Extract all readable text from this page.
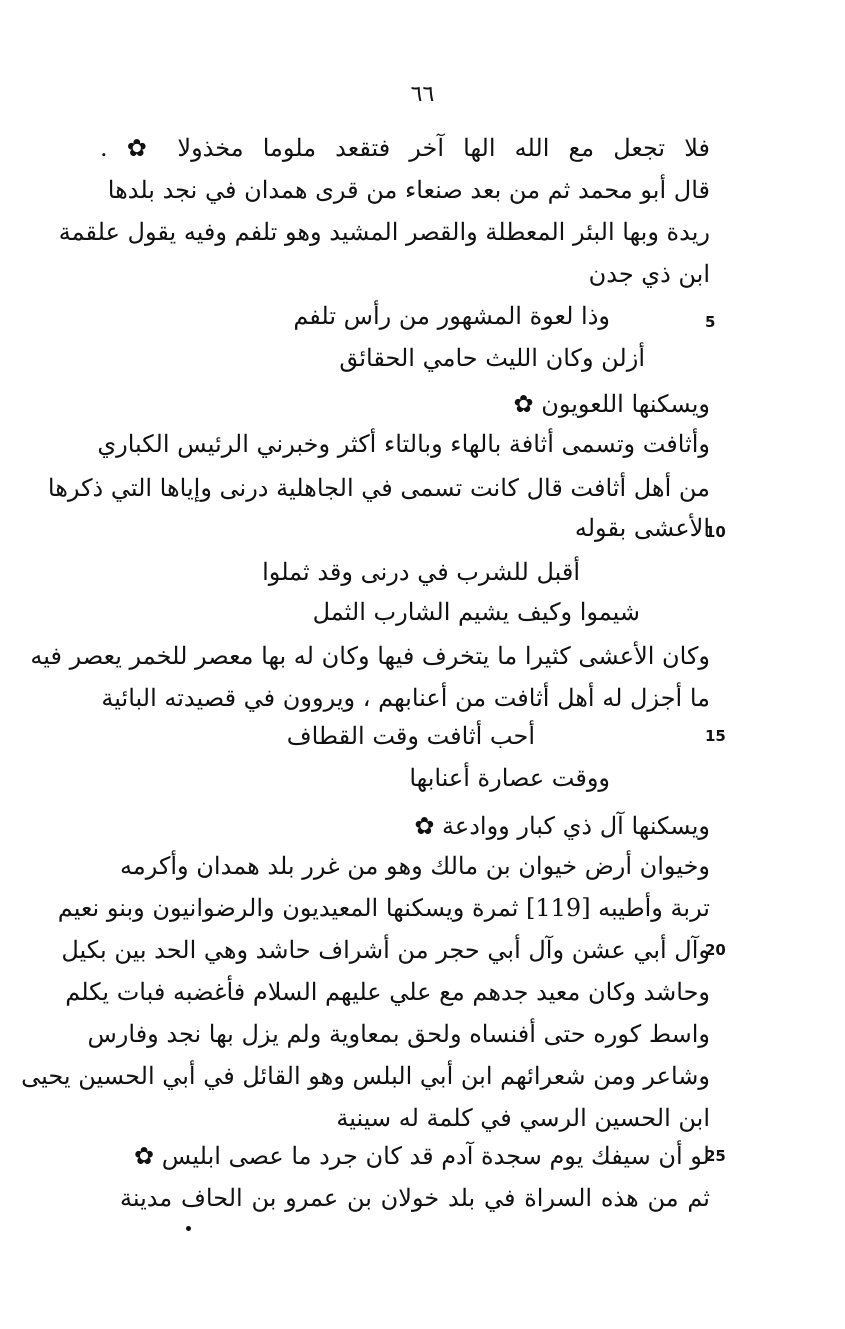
٦٦
فلا تجعل مع الله الها آخر فتقعد ملوما مخذولا ✿ .
قال أبو محمد ثم من بعد صنعاء من قرى همدان في نجد بلدها
ريدة وبها البئر المعطلة والقصر المشيد وهو تلفم وفيه يقول علقمة
ابن ذي جدن
5
وذا لعوة المشهور من رأس تلفم
أزلن وكان الليث حامي الحقائق
ويسكنها اللعويون ✿
وأثافت وتسمى أثافة بالهاء وبالتاء أكثر وخبرني الرئيس الكباري
من أهل أثافت قال كانت تسمى في الجاهلية درنى وإياها التي ذكرها
10
الأعشى بقوله
أقبل للشرب في درنى وقد ثملوا
شيموا وكيف يشيم الشارب الثمل
وكان الأعشى كثيرا ما يتخرف فيها وكان له بها معصر للخمر يعصر فيه
ما أجزل له أهل أثافت من أعنابهم ، ويروون في قصيدته البائية
15
أحب أثافت وقت القطاف
ووقت عصارة أعنابها
ويسكنها آل ذي كبار ووادعة ✿
وخيوان أرض خيوان بن مالك وهو من غرر بلد همدان وأكرمه
تربة وأطيبه [119] ثمرة ويسكنها المعيديون والرضوانيون وبنو نعيم
20
وآل أبي عشن وآل أبي حجر من أشراف حاشد وهي الحد بين بكيل
وحاشد وكان معيد جدهم مع علي عليهم السلام فأغضبه فبات يكلم
واسط كوره حتى أفنساه ولحق بمعاوية ولم يزل بها نجد وفارس
وشاعر ومن شعرائهم ابن أبي البلس وهو القائل في أبي الحسين يحيى
ابن الحسين الرسي في كلمة له سينية
25
لو أن سيفك يوم سجدة آدم قد كان جرد ما عصى ابليس ✿
ثم من هذه السراة في بلد خولان بن عمرو بن الحاف مدينة
